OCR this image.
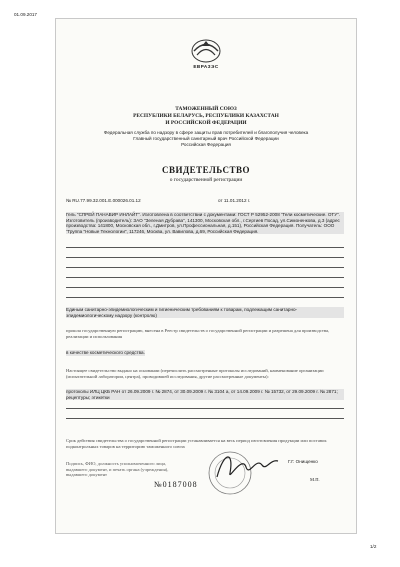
01.09.2017
1/2
ЕВРАЗЭС
ТАМОЖЕННЫЙ СОЮЗ
РЕСПУБЛИКИ БЕЛАРУСЬ, РЕСПУБЛИКИ КАЗАХСТАН
И РОССИЙСКОЙ ФЕДЕРАЦИИ
Федеральная служба по надзору в сфере защиты прав потребителей и благополучия человека
Главный государственный санитарный врач Российской Федерации
Российская Федерация
СВИДЕТЕЛЬСТВО
о государственной регистрации
№ RU.77.99.32.001.E.000026.01.12	от 11.01.2012 г.
Гель "СПРЕЙ ПАНАВИР ИНЛАЙТ". Изготовлена в соответствии с документами: ГОСТ Р 52952-2008 "Гели косметические. ОТУ". Изготовитель (производитель): ЗАО "Зеленая Дубрава", 141300, Московская обл., г.Сергиев Посад, ул.Симоненкова, д.3 (адрес производства: 141800, Московская обл., г.Дмитров, ул.Профессиональная, д.151), Российская Федерация. Получатель: ООО "Группа "Новые Технологии", 117246, Москва, ул. Вавилова, д.69, Российская Федерация.
Единым санитарно-эпидемиологическим и гигиеническим требованиям к товарам, подлежащим санитарно-эпидемиологическому надзору (контролю)
прошла государственную регистрацию, внесена в Реестр свидетельств о государственной регистрации и разрешена для производства, реализации и использования
в качестве косметического средства.
Настоящее свидетельство выдано на основании (перечислить рассмотренные протоколы исследований, наименование организации (испытательной лаборатории, центра), проводившей исследования, другие рассмотренные документы):
протоколы ИЛЦ ЦКБ РАН от 26.09.2009 г. № 2874, от 30.09.2009 г. № 3104 а, от 14.09.2009 г. № 15732, от 29.09.2009 г. № 2871; рецептуры; этикетки
Срок действия свидетельства о государственной регистрации устанавливается на весь период изготовления продукции или поставок подконтрольных товаров на территорию таможенного союза
Подпись, ФИО, должность уполномоченного лица, выдавшего документ, и печать органа (учреждения), выдавшего документ
Г.Г. Онищенко
М.П.
№0187008
